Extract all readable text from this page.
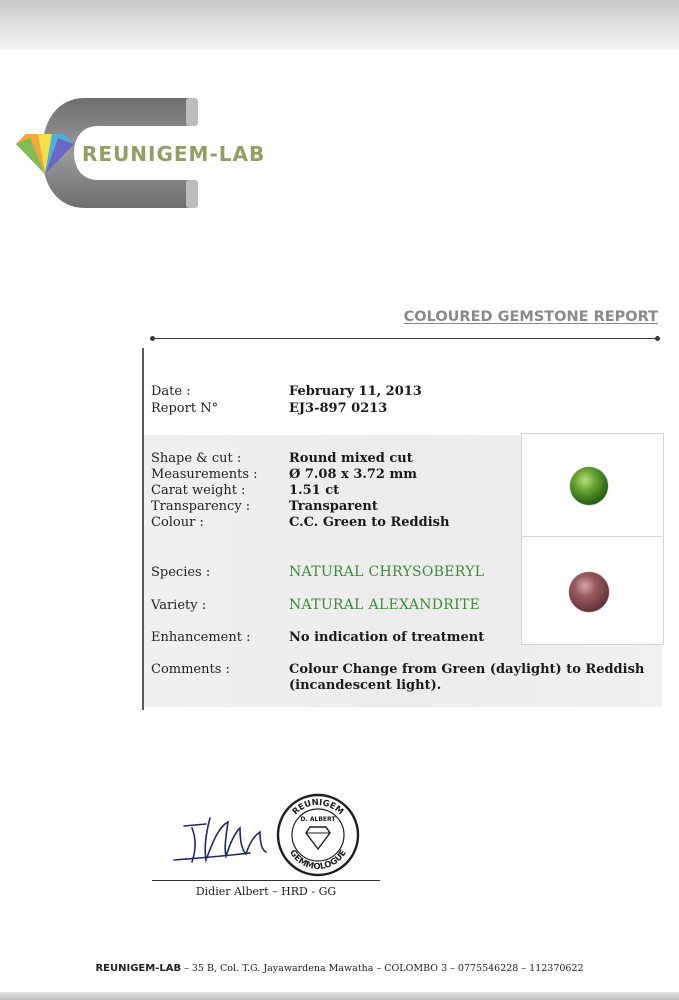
REUNIGEM-LAB
COLOURED GEMSTONE REPORT
Date :	February 11, 2013
Report N°	EJ3-897 0213
Shape & cut :	Round mixed cut
Measurements : Ø 7.08 x 3.72 mm
Carat weight :	1.51 ct
Transparency :	Transparent
Colour :	C.C. Green to Reddish
Species :	NATURAL CHRYSOBERYL
Variety :	NATURAL ALEXANDRITE
Enhancement :	No indication of treatment
Comments :	Colour Change from Green (daylight) to Reddish
(incandescent light).
REUNIGEM
D. ALBERT
GEMMOLOGUE
Didier Albert – HRD - GG
REUNIGEM-LAB – 35 B, Col. T.G. Jayawardena Mawatha – COLOMBO 3 – 0775546228 – 112370622
